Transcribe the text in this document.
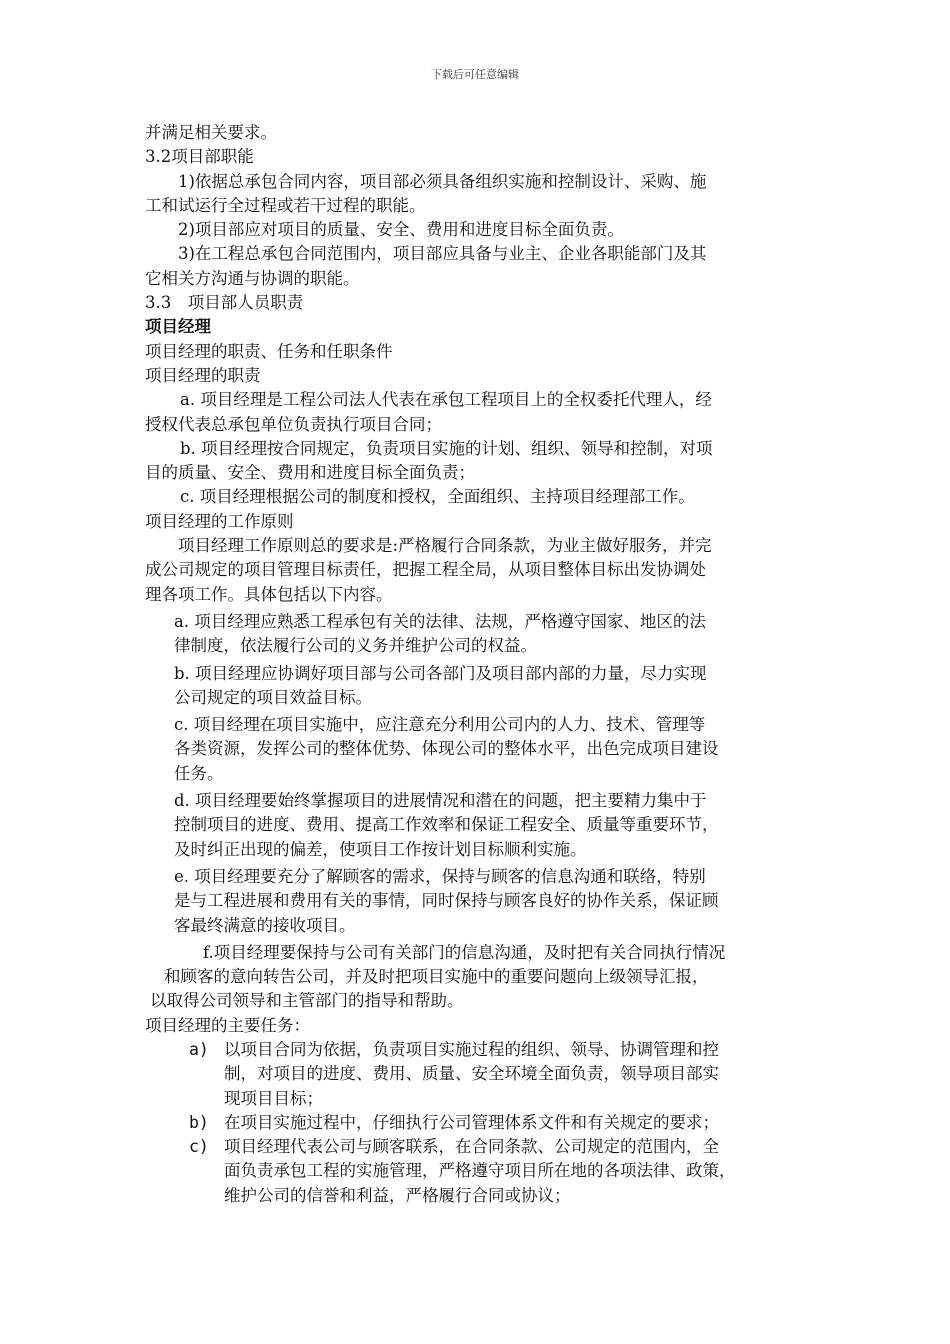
下载后可任意编辑
并满足相关要求。
3.2项目部职能
1)依据总承包合同内容，项目部必须具备组织实施和控制设计、采购、施
工和试运行全过程或若干过程的职能。
2)项目部应对项目的质量、安全、费用和进度目标全面负责。
3)在工程总承包合同范围内，项目部应具备与业主、企业各职能部门及其
它相关方沟通与协调的职能。
3.3　项目部人员职责
项目经理
项目经理的职责、任务和任职条件
项目经理的职责
a. 项目经理是工程公司法人代表在承包工程项目上的全权委托代理人，经
授权代表总承包单位负责执行项目合同；
b. 项目经理按合同规定，负责项目实施的计划、组织、领导和控制，对项
目的质量、安全、费用和进度目标全面负责；
c. 项目经理根据公司的制度和授权，全面组织、主持项目经理部工作。
项目经理的工作原则
项目经理工作原则总的要求是:严格履行合同条款，为业主做好服务，并完
成公司规定的项目管理目标责任，把握工程全局，从项目整体目标出发协调处
理各项工作。具体包括以下内容。
a. 项目经理应熟悉工程承包有关的法律、法规，严格遵守国家、地区的法
律制度，依法履行公司的义务并维护公司的权益。
b. 项目经理应协调好项目部与公司各部门及项目部内部的力量，尽力实现
公司规定的项目效益目标。
c. 项目经理在项目实施中，应注意充分利用公司内的人力、技术、管理等
各类资源，发挥公司的整体优势、体现公司的整体水平，出色完成项目建设
任务。
d. 项目经理要始终掌握项目的进展情况和潜在的问题，把主要精力集中于
控制项目的进度、费用、提高工作效率和保证工程安全、质量等重要环节，
及时纠正出现的偏差，使项目工作按计划目标顺利实施。
e. 项目经理要充分了解顾客的需求，保持与顾客的信息沟通和联络，特别
是与工程进展和费用有关的事情，同时保持与顾客良好的协作关系，保证顾
客最终满意的接收项目。
f.项目经理要保持与公司有关部门的信息沟通，及时把有关合同执行情况
和顾客的意向转告公司，并及时把项目实施中的重要问题向上级领导汇报，
以取得公司领导和主管部门的指导和帮助。
项目经理的主要任务：
a) 以项目合同为依据，负责项目实施过程的组织、领导、协调管理和控
制，对项目的进度、费用、质量、安全环境全面负责，领导项目部实
现项目目标；
b) 在项目实施过程中，仔细执行公司管理体系文件和有关规定的要求；
c) 项目经理代表公司与顾客联系，在合同条款、公司规定的范围内，全
面负责承包工程的实施管理，严格遵守项目所在地的各项法律、政策，
维护公司的信誉和利益，严格履行合同或协议；
